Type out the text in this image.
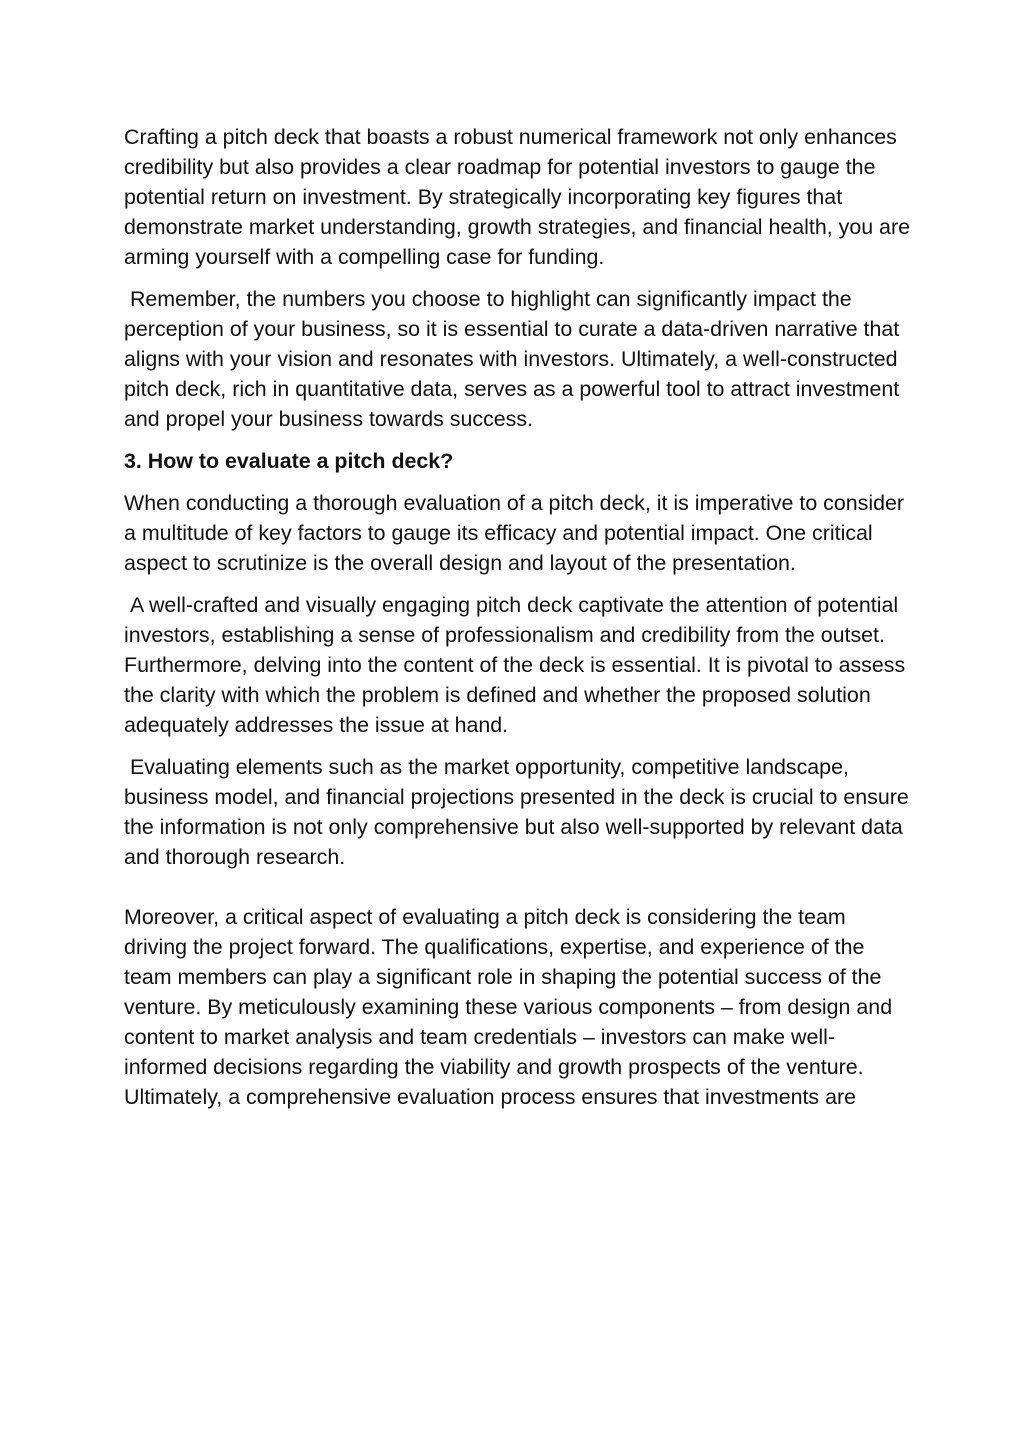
Crafting a pitch deck that boasts a robust numerical framework not only enhances credibility but also provides a clear roadmap for potential investors to gauge the potential return on investment. By strategically incorporating key figures that demonstrate market understanding, growth strategies, and financial health, you are arming yourself with a compelling case for funding.

Remember, the numbers you choose to highlight can significantly impact the perception of your business, so it is essential to curate a data-driven narrative that aligns with your vision and resonates with investors. Ultimately, a well-constructed pitch deck, rich in quantitative data, serves as a powerful tool to attract investment and propel your business towards success.

3. How to evaluate a pitch deck?

When conducting a thorough evaluation of a pitch deck, it is imperative to consider a multitude of key factors to gauge its efficacy and potential impact. One critical aspect to scrutinize is the overall design and layout of the presentation.

A well-crafted and visually engaging pitch deck captivate the attention of potential investors, establishing a sense of professionalism and credibility from the outset. Furthermore, delving into the content of the deck is essential. It is pivotal to assess the clarity with which the problem is defined and whether the proposed solution adequately addresses the issue at hand.

Evaluating elements such as the market opportunity, competitive landscape, business model, and financial projections presented in the deck is crucial to ensure the information is not only comprehensive but also well-supported by relevant data and thorough research.

Moreover, a critical aspect of evaluating a pitch deck is considering the team driving the project forward. The qualifications, expertise, and experience of the team members can play a significant role in shaping the potential success of the venture. By meticulously examining these various components – from design and content to market analysis and team credentials – investors can make well-informed decisions regarding the viability and growth prospects of the venture. Ultimately, a comprehensive evaluation process ensures that investments are
